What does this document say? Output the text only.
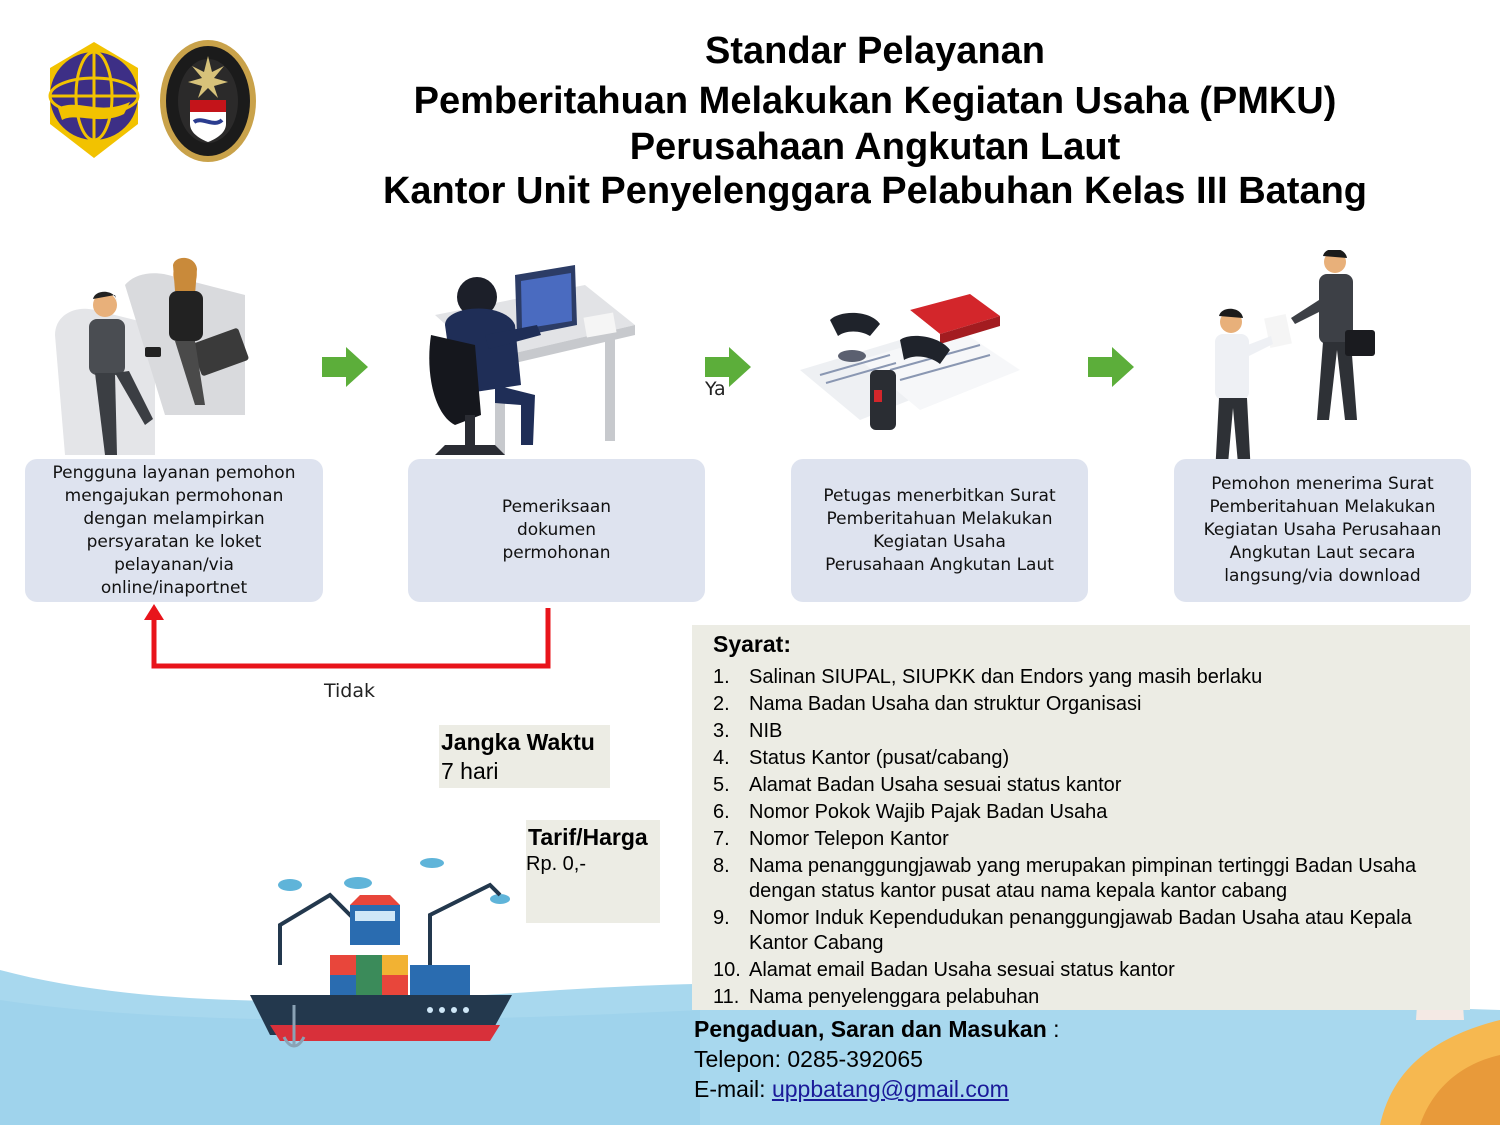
Standar Pelayanan
Pemberitahuan Melakukan Kegiatan Usaha (PMKU)
Perusahaan Angkutan Laut
Kantor Unit Penyelenggara Pelabuhan Kelas III Batang
Pengguna layanan pemohon mengajukan permohonan dengan melampirkan persyaratan ke loket pelayanan/via online/inaportnet
Pemeriksaan dokumen permohonan
Petugas menerbitkan Surat Pemberitahuan Melakukan Kegiatan Usaha Perusahaan Angkutan Laut
Pemohon menerima Surat Pemberitahuan Melakukan Kegiatan Usaha Perusahaan Angkutan Laut secara langsung/via download
Ya
Tidak
Jangka Waktu
7 hari
Tarif/Harga
Rp. 0,-
Syarat:
1. Salinan SIUPAL, SIUPKK dan Endors yang masih berlaku
2. Nama Badan Usaha dan struktur Organisasi
3. NIB
4. Status Kantor (pusat/cabang)
5. Alamat Badan Usaha sesuai status kantor
6. Nomor Pokok Wajib Pajak Badan Usaha
7. Nomor Telepon Kantor
8. Nama penanggungjawab yang merupakan pimpinan tertinggi Badan Usaha dengan status kantor pusat atau nama kepala kantor cabang
9. Nomor Induk Kependudukan penanggungjawab Badan Usaha atau Kepala Kantor Cabang
10. Alamat email Badan Usaha sesuai status kantor
11. Nama penyelenggara pelabuhan
Pengaduan, Saran dan Masukan :
Telepon: 0285-392065
E-mail: uppbatang@gmail.com
